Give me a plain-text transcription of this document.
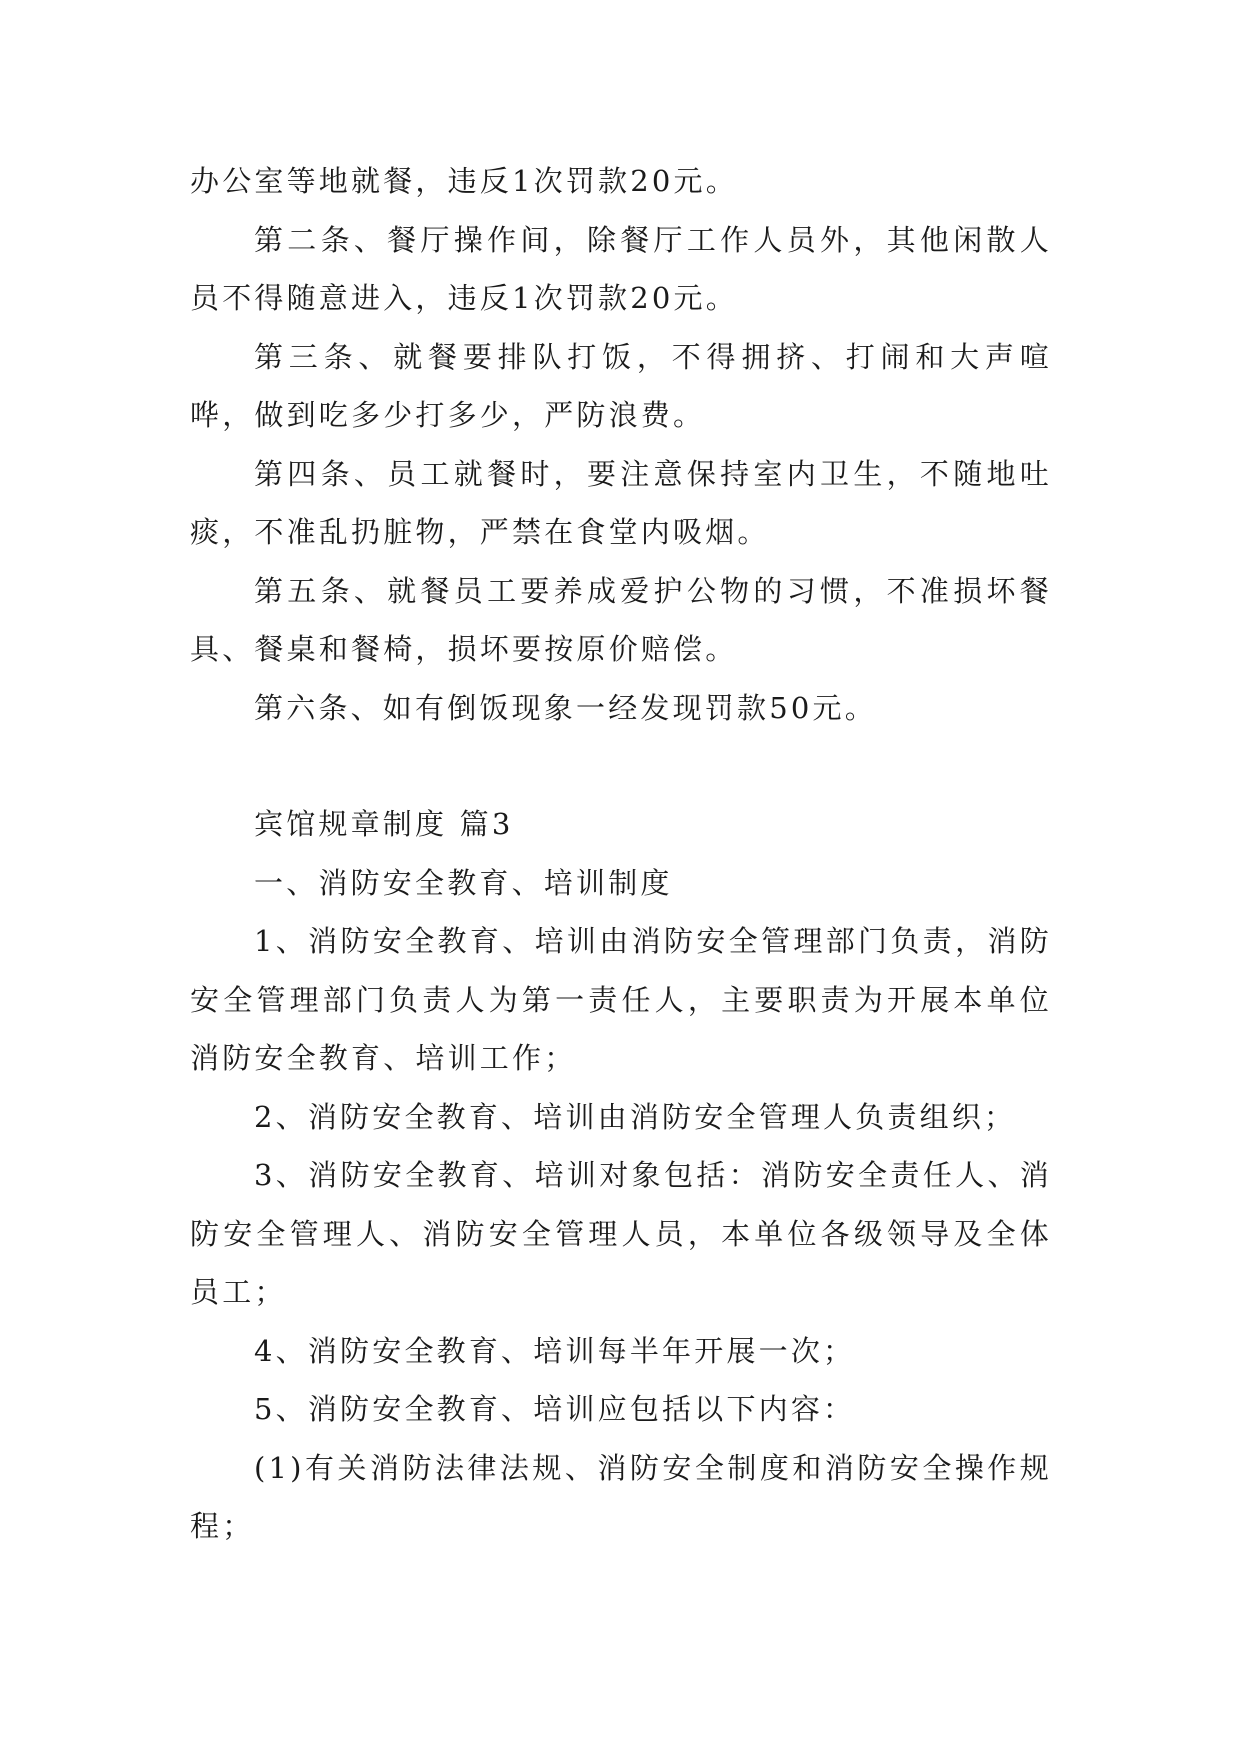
办公室等地就餐，违反1次罚款20元。

第二条、餐厅操作间，除餐厅工作人员外，其他闲散人员不得随意进入，违反1次罚款20元。

第三条、就餐要排队打饭，不得拥挤、打闹和大声喧哗，做到吃多少打多少，严防浪费。

第四条、员工就餐时，要注意保持室内卫生，不随地吐痰，不准乱扔脏物，严禁在食堂内吸烟。

第五条、就餐员工要养成爱护公物的习惯，不准损坏餐具、餐桌和餐椅，损坏要按原价赔偿。

第六条、如有倒饭现象一经发现罚款50元。

宾馆规章制度 篇3

一、消防安全教育、培训制度

1、消防安全教育、培训由消防安全管理部门负责，消防安全管理部门负责人为第一责任人，主要职责为开展本单位消防安全教育、培训工作；

2、消防安全教育、培训由消防安全管理人负责组织；

3、消防安全教育、培训对象包括：消防安全责任人、消防安全管理人、消防安全管理人员，本单位各级领导及全体员工；

4、消防安全教育、培训每半年开展一次；

5、消防安全教育、培训应包括以下内容：

(1)有关消防法律法规、消防安全制度和消防安全操作规程；
